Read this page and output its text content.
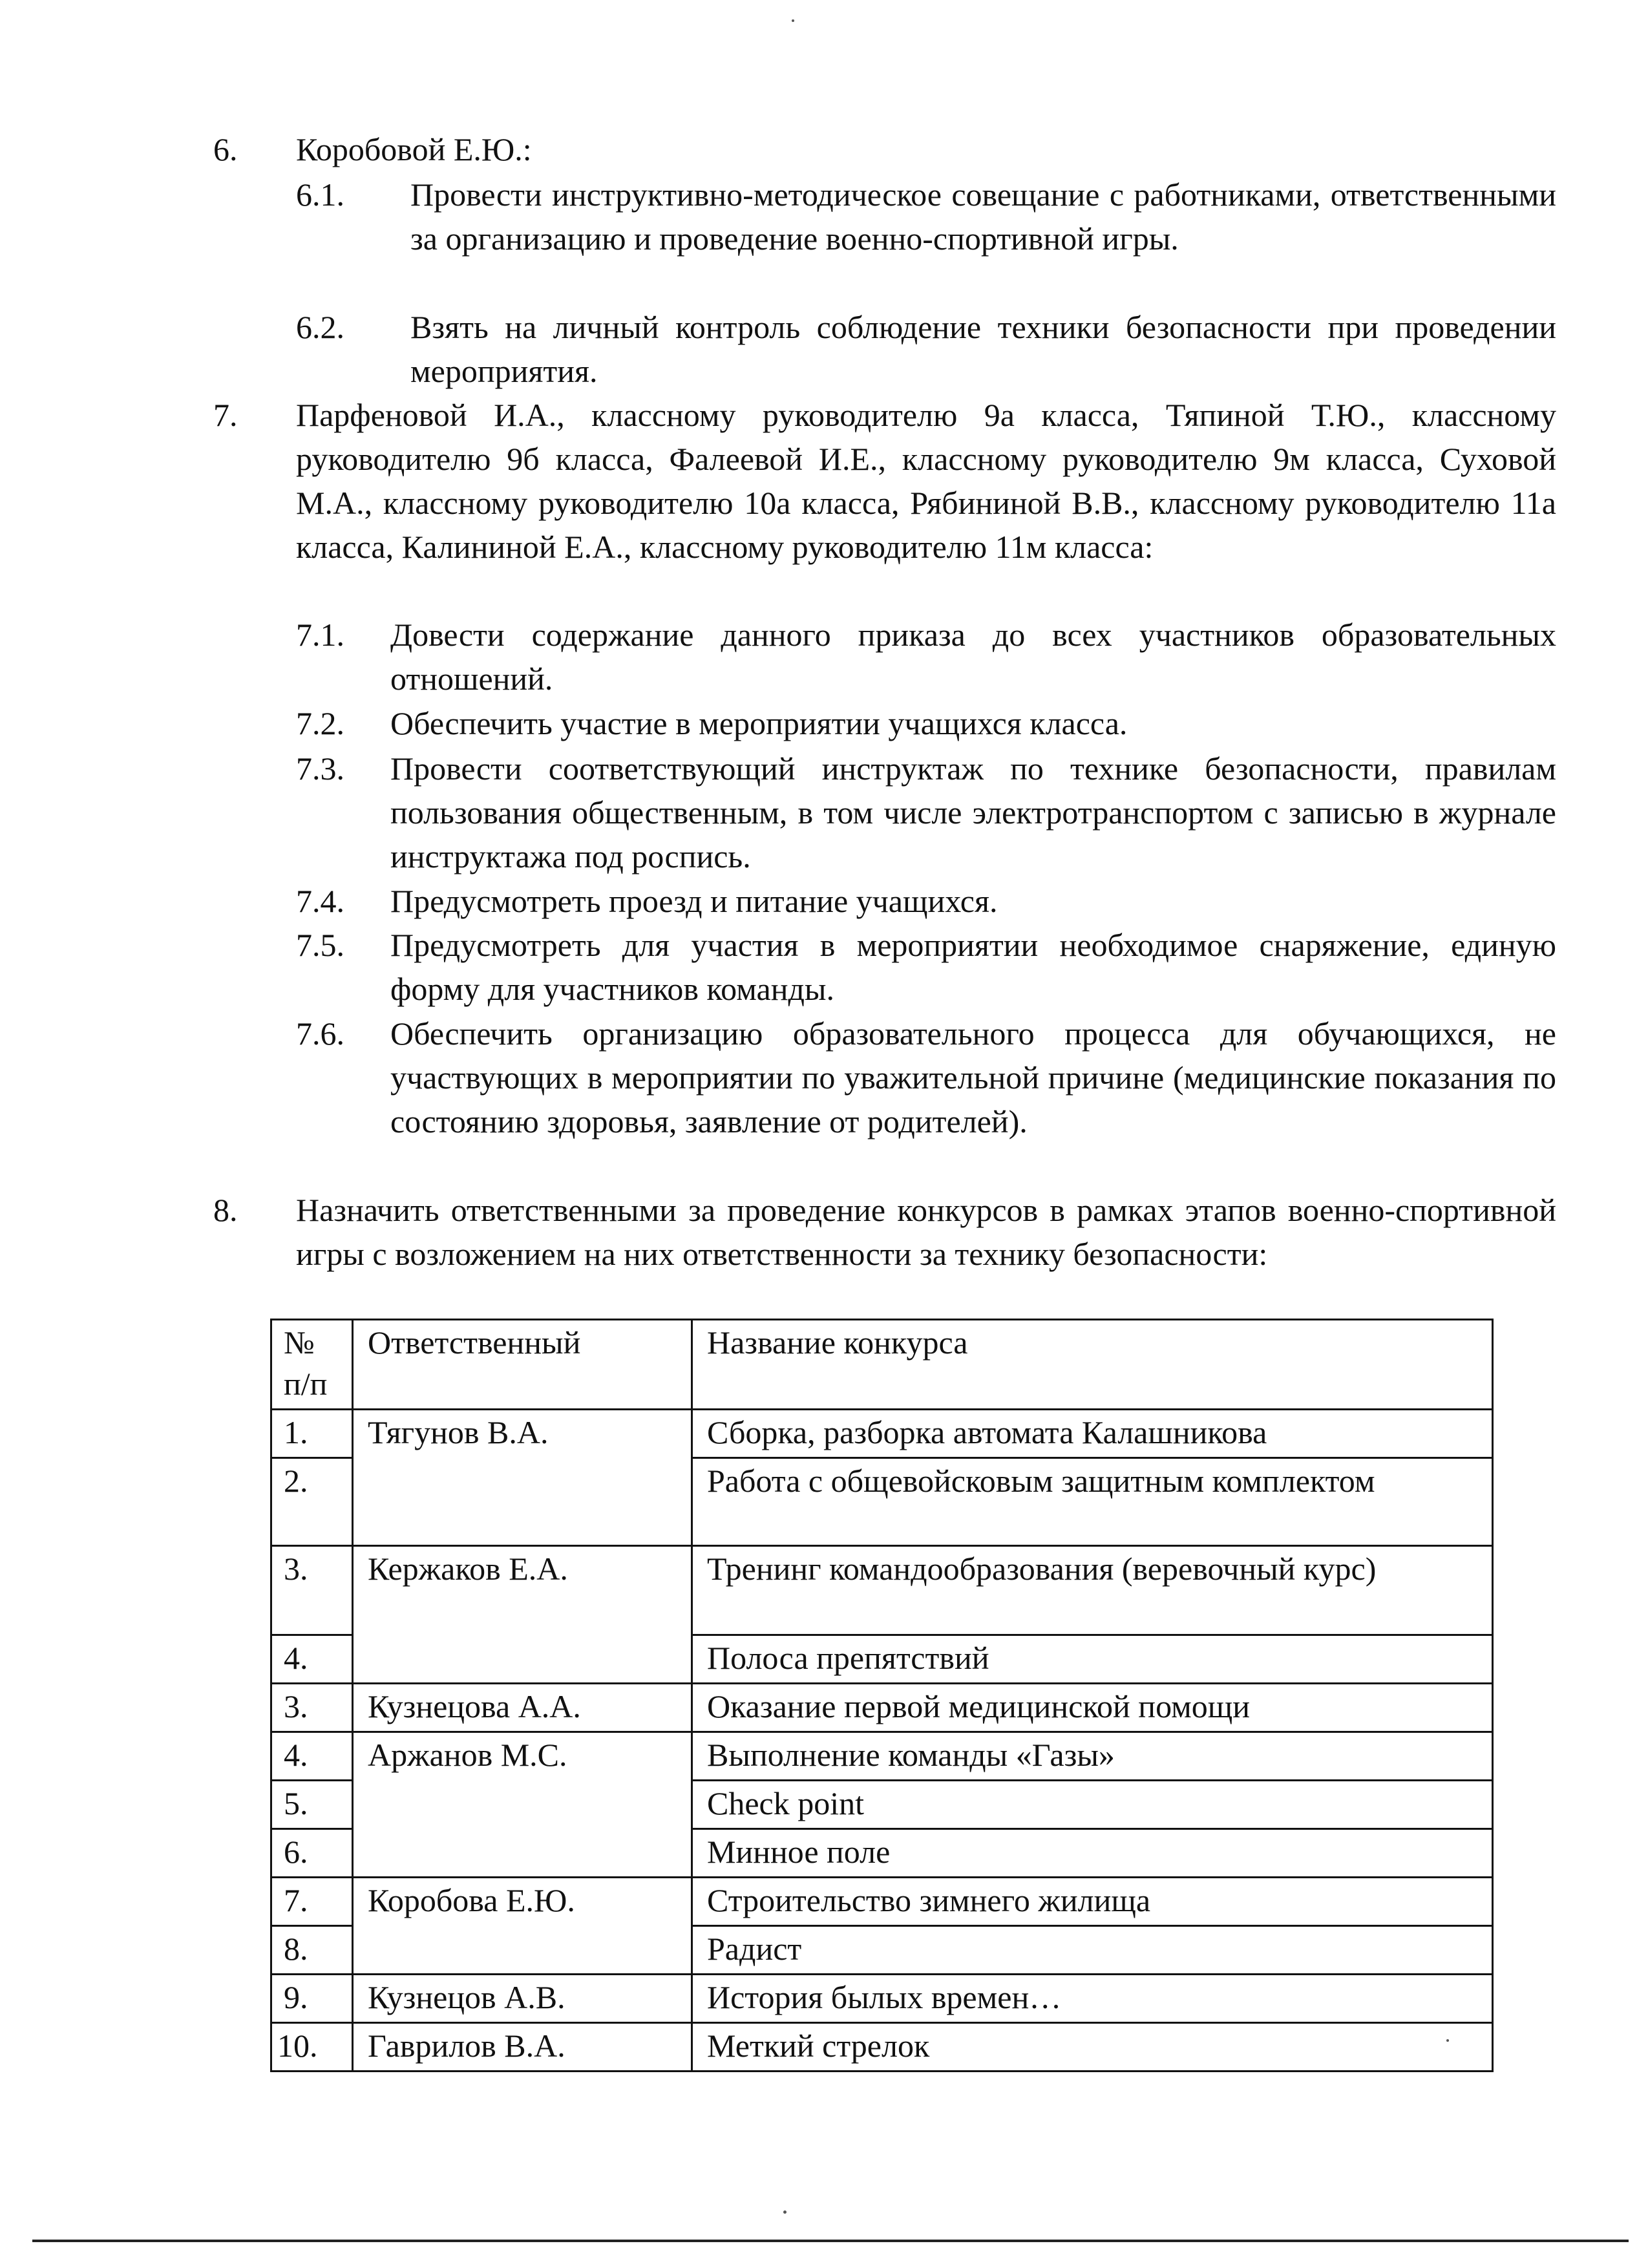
6. Коробовой Е.Ю.:
6.1. Провести инструктивно-методическое совещание с работниками, ответственными за организацию и проведение военно-спортивной игры.
6.2. Взять на личный контроль соблюдение техники безопасности при проведении мероприятия.
7. Парфеновой И.А., классному руководителю 9а класса, Тяпиной Т.Ю., классному руководителю 9б класса, Фалеевой И.Е., классному руководителю 9м класса, Суховой М.А., классному руководителю 10а класса, Рябининой В.В., классному руководителю 11а класса, Калининой Е.А., классному руководителю 11м класса:
7.1. Довести содержание данного приказа до всех участников образовательных отношений.
7.2. Обеспечить участие в мероприятии учащихся класса.
7.3. Провести соответствующий инструктаж по технике безопасности, правилам пользования общественным, в том числе электротранспортом с записью в журнале инструктажа под роспись.
7.4. Предусмотреть проезд и питание учащихся.
7.5. Предусмотреть для участия в мероприятии необходимое снаряжение, единую форму для участников команды.
7.6. Обеспечить организацию образовательного процесса для обучающихся, не участвующих в мероприятии по уважительной причине (медицинские показания по состоянию здоровья, заявление от родителей).
8. Назначить ответственными за проведение конкурсов в рамках этапов военно-спортивной игры с возложением на них ответственности за технику безопасности:
№ п/п	Ответственный	Название конкурса
1.	Тягунов В.А.	Сборка, разборка автомата Калашникова
2.		Работа с общевойсковым защитным комплектом
3.	Кержаков Е.А.	Тренинг командообразования (веревочный курс)
4.		Полоса препятствий
3.	Кузнецова А.А.	Оказание первой медицинской помощи
4.	Аржанов М.С.	Выполнение команды «Газы»
5.		Check point
6.		Минное поле
7.	Коробова Е.Ю.	Строительство зимнего жилища
8.		Радист
9.	Кузнецов А.В.	История былых времен…
10.	Гаврилов В.А.	Меткий стрелок
